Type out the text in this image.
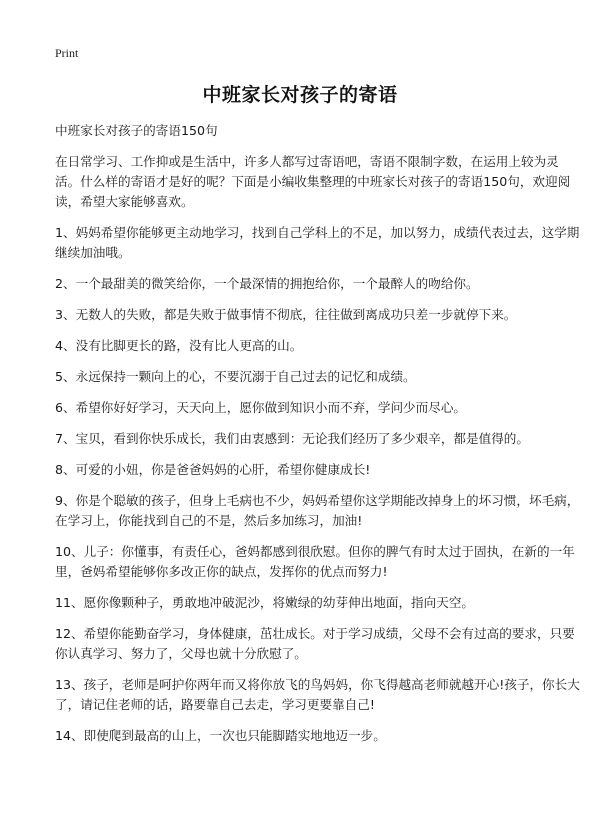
Print
中班家长对孩子的寄语

中班家长对孩子的寄语150句

在日常学习、工作抑或是生活中，许多人都写过寄语吧，寄语不限制字数，在运用上较为灵活。什么样的寄语才是好的呢？下面是小编收集整理的中班家长对孩子的寄语150句，欢迎阅读，希望大家能够喜欢。

1、妈妈希望你能够更主动地学习，找到自己学科上的不足，加以努力，成绩代表过去，这学期继续加油哦。

2、一个最甜美的微笑给你，一个最深情的拥抱给你，一个最醉人的吻给你。

3、无数人的失败，都是失败于做事情不彻底，往往做到离成功只差一步就停下来。

4、没有比脚更长的路，没有比人更高的山。

5、永远保持一颗向上的心，不要沉溺于自己过去的记忆和成绩。

6、希望你好好学习，天天向上，愿你做到知识小而不弃，学问少而尽心。

7、宝贝，看到你快乐成长，我们由衷感到：无论我们经历了多少艰辛，都是值得的。

8、可爱的小妞，你是爸爸妈妈的心肝，希望你健康成长!

9、你是个聪敏的孩子，但身上毛病也不少，妈妈希望你这学期能改掉身上的坏习惯，坏毛病，在学习上，你能找到自己的不是，然后多加练习，加油!

10、儿子：你懂事，有责任心，爸妈都感到很欣慰。但你的脾气有时太过于固执，在新的一年里，爸妈希望能够你多改正你的缺点，发挥你的优点而努力!

11、愿你像颗种子，勇敢地冲破泥沙，将嫩绿的幼芽伸出地面，指向天空。

12、希望你能勤奋学习，身体健康，茁壮成长。对于学习成绩，父母不会有过高的要求，只要你认真学习、努力了，父母也就十分欣慰了。

13、孩子，老师是呵护你两年而又将你放飞的鸟妈妈，你飞得越高老师就越开心!孩子，你长大了，请记住老师的话，路要靠自己去走，学习更要靠自己!

14、即使爬到最高的山上，一次也只能脚踏实地地迈一步。
